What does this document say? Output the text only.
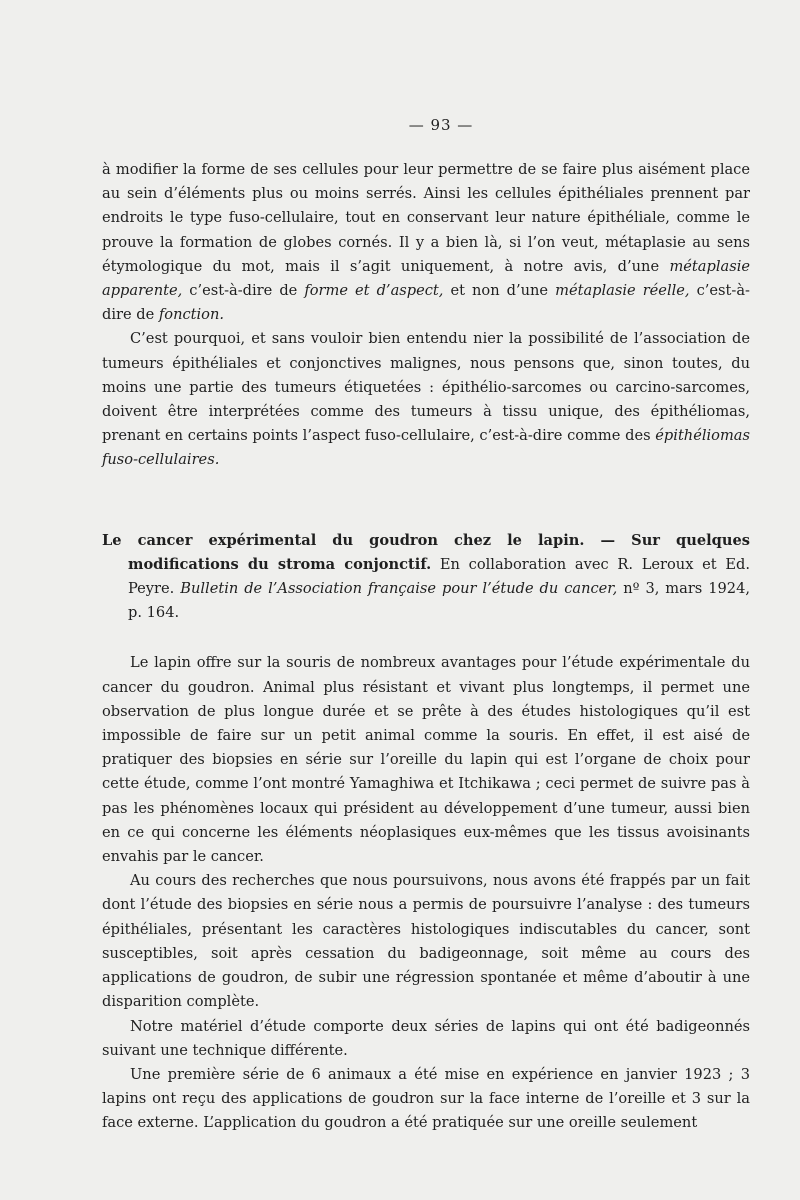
— 93 —

à modifier la forme de ses cellules pour leur permettre de se faire plus aisément place au sein d’éléments plus ou moins serrés. Ainsi les cellules épithéliales prennent par endroits le type fuso-cellulaire, tout en conservant leur nature épithéliale, comme le prouve la formation de globes cornés. Il y a bien là, si l’on veut, métaplasie au sens étymologique du mot, mais il s’agit uniquement, à notre avis, d’une métaplasie apparente, c’est-à-dire de forme et d’aspect, et non d’une métaplasie réelle, c’est-à-dire de fonction.

C’est pourquoi, et sans vouloir bien entendu nier la possibilité de l’association de tumeurs épithéliales et conjonctives malignes, nous pensons que, sinon toutes, du moins une partie des tumeurs étiquetées : épithélio-sarcomes ou carcino-sarcomes, doivent être interprétées comme des tumeurs à tissu unique, des épithéliomas, prenant en certains points l’aspect fuso-cellulaire, c’est-à-dire comme des épithéliomas fuso-cellulaires.

Le cancer expérimental du goudron chez le lapin. — Sur quelques modifications du stroma conjonctif. En collaboration avec R. Leroux et Ed. Peyre. Bulletin de l’Association française pour l’étude du cancer, nº 3, mars 1924, p. 164.

Le lapin offre sur la souris de nombreux avantages pour l’étude expérimentale du cancer du goudron. Animal plus résistant et vivant plus longtemps, il permet une observation de plus longue durée et se prête à des études histologiques qu’il est impossible de faire sur un petit animal comme la souris. En effet, il est aisé de pratiquer des biopsies en série sur l’oreille du lapin qui est l’organe de choix pour cette étude, comme l’ont montré Yamaghiwa et Itchikawa ; ceci permet de suivre pas à pas les phénomènes locaux qui président au développement d’une tumeur, aussi bien en ce qui concerne les éléments néoplasiques eux-mêmes que les tissus avoisinants envahis par le cancer.

Au cours des recherches que nous poursuivons, nous avons été frappés par un fait dont l’étude des biopsies en série nous a permis de poursuivre l’analyse : des tumeurs épithéliales, présentant les caractères histologiques indiscutables du cancer, sont susceptibles, soit après cessation du badigeonnage, soit même au cours des applications de goudron, de subir une régression spontanée et même d’aboutir à une disparition complète.

Notre matériel d’étude comporte deux séries de lapins qui ont été badigeonnés suivant une technique différente.

Une première série de 6 animaux a été mise en expérience en janvier 1923 ; 3 lapins ont reçu des applications de goudron sur la face interne de l’oreille et 3 sur la face externe. L’application du goudron a été pratiquée sur une oreille seulement
